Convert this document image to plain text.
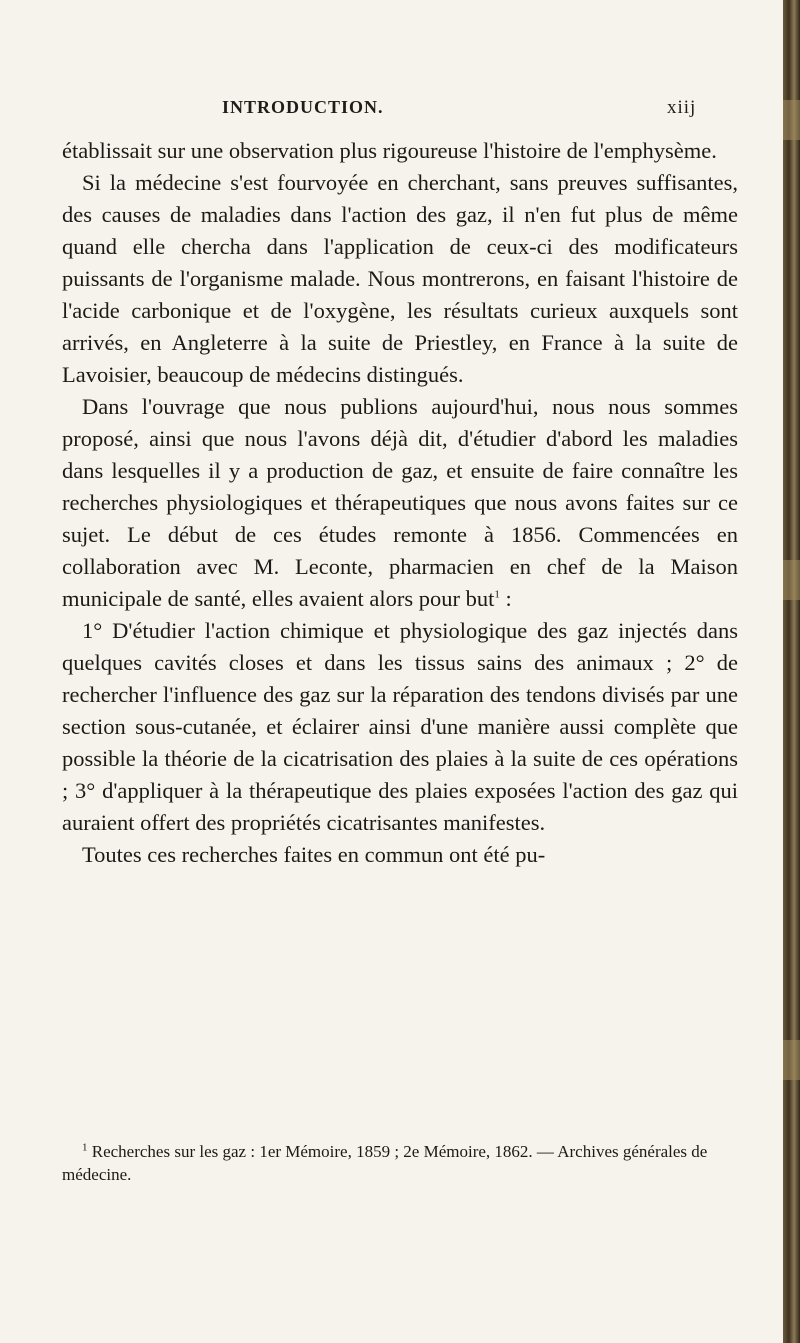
INTRODUCTION.	xiij

établissait sur une observation plus rigoureuse l'histoire de l'emphysème.

Si la médecine s'est fourvoyée en cherchant, sans preuves suffisantes, des causes de maladies dans l'action des gaz, il n'en fut plus de même quand elle chercha dans l'application de ceux-ci des modificateurs puissants de l'organisme malade. Nous montrerons, en faisant l'histoire de l'acide carbonique et de l'oxygène, les résultats curieux auxquels sont arrivés, en Angleterre à la suite de Priestley, en France à la suite de Lavoisier, beaucoup de médecins distingués.

Dans l'ouvrage que nous publions aujourd'hui, nous nous sommes proposé, ainsi que nous l'avons déjà dit, d'étudier d'abord les maladies dans lesquelles il y a production de gaz, et ensuite de faire connaître les recherches physiologiques et thérapeutiques que nous avons faites sur ce sujet. Le début de ces études remonte à 1856. Commencées en collaboration avec M. Leconte, pharmacien en chef de la Maison municipale de santé, elles avaient alors pour but$^1$ :

1° D'étudier l'action chimique et physiologique des gaz injectés dans quelques cavités closes et dans les tissus sains des animaux ; 2° de rechercher l'influence des gaz sur la réparation des tendons divisés par une section sous-cutanée, et éclairer ainsi d'une manière aussi complète que possible la théorie de la cicatrisation des plaies à la suite de ces opérations ; 3° d'appliquer à la thérapeutique des plaies exposées l'action des gaz qui auraient offert des propriétés cicatrisantes manifestes.

Toutes ces recherches faites en commun ont été pu-

$^1$ Recherches sur les gaz : 1er Mémoire, 1859 ; 2e Mémoire, 1862. — Archives générales de médecine.
